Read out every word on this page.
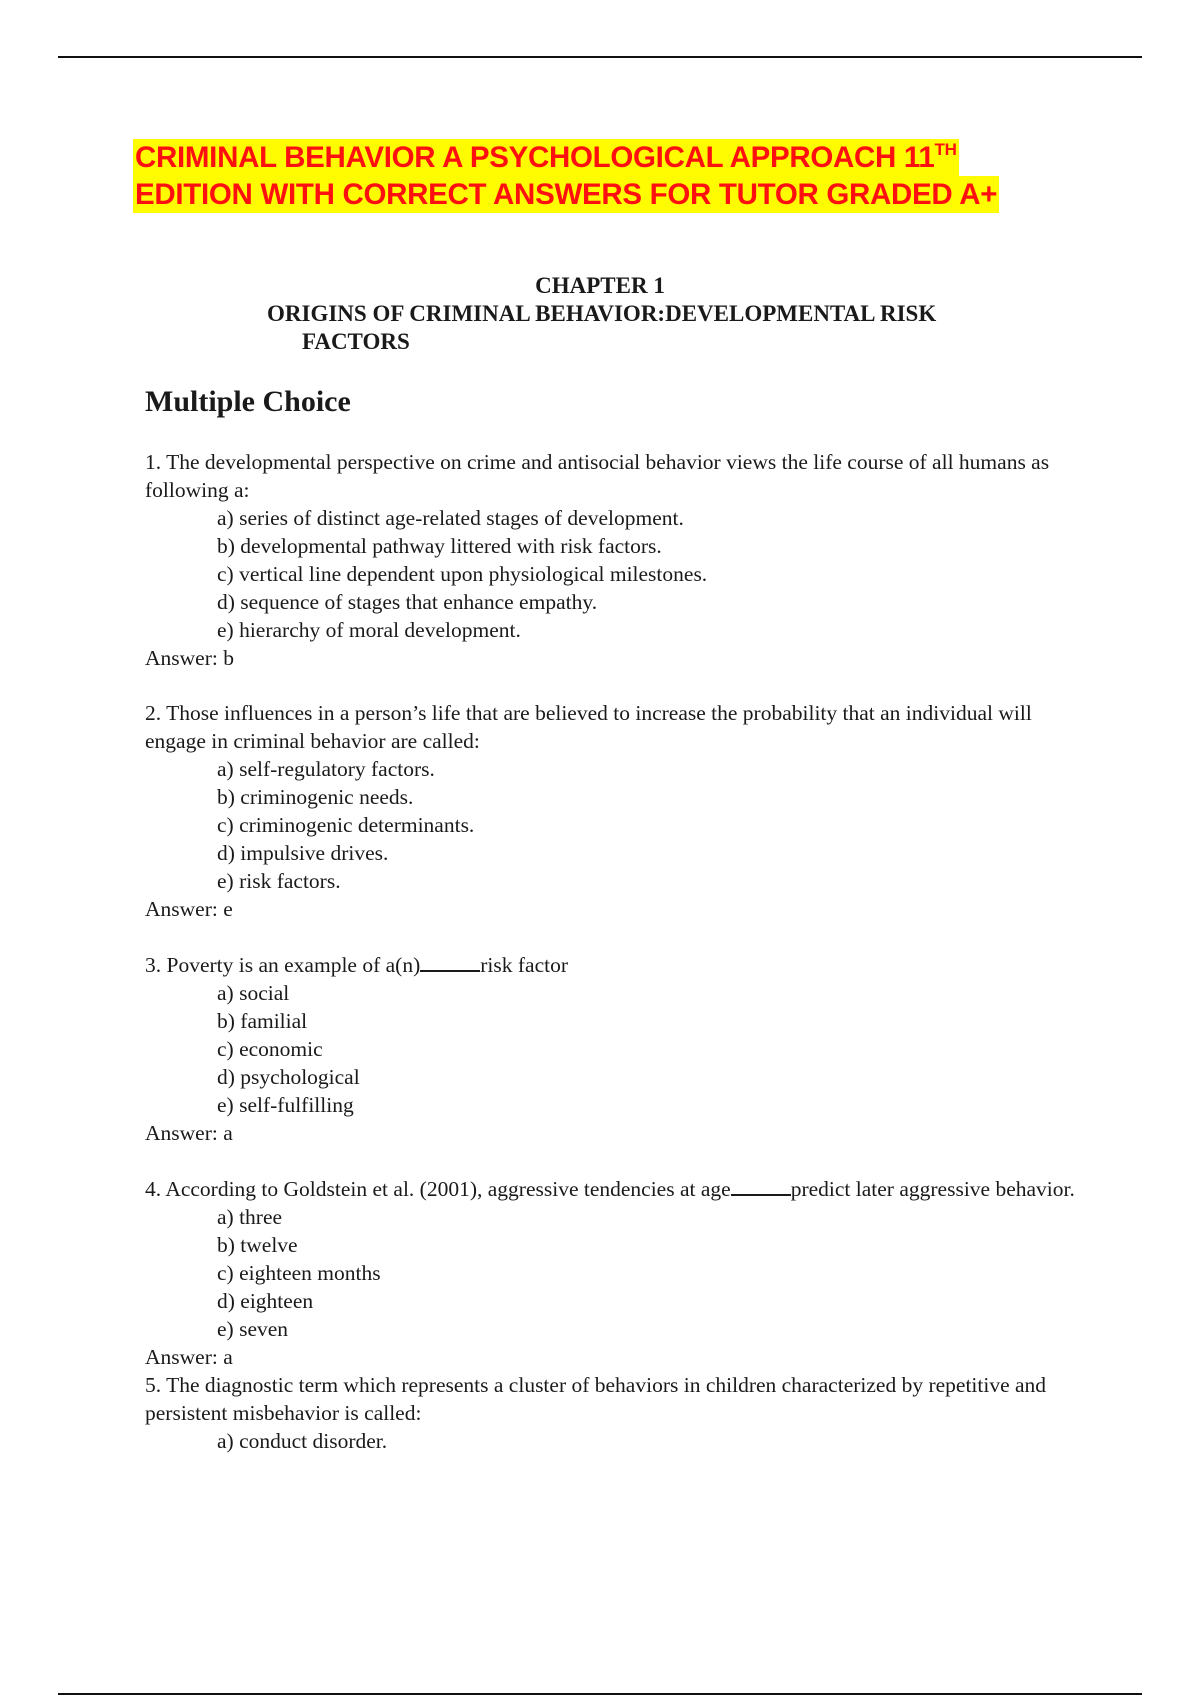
CRIMINAL BEHAVIOR A PSYCHOLOGICAL APPROACH 11TH
EDITION WITH CORRECT ANSWERS FOR TUTOR GRADED A+

CHAPTER 1

ORIGINS OF CRIMINAL BEHAVIOR:DEVELOPMENTAL RISK
FACTORS

Multiple Choice

1. The developmental perspective on crime and antisocial behavior views the life course of all humans as following a:

a) series of distinct age-related stages of development.
b) developmental pathway littered with risk factors.
c) vertical line dependent upon physiological milestones.
d) sequence of stages that enhance empathy.
e) hierarchy of moral development.

Answer: b

2. Those influences in a person’s life that are believed to increase the probability that an individual will engage in criminal behavior are called:

a) self-regulatory factors.
b) criminogenic needs.
c) criminogenic determinants.
d) impulsive drives.
e) risk factors.

Answer: e

3. Poverty is an example of a(n)	risk factor

a) social
b) familial
c) economic
d) psychological
e) self-fulfilling

Answer: a

4. According to Goldstein et al. (2001), aggressive tendencies at age	predict later aggressive behavior.

a) three
b) twelve
c) eighteen months
d) eighteen
e) seven

Answer: a

5. The diagnostic term which represents a cluster of behaviors in children characterized by repetitive and persistent misbehavior is called:

a) conduct disorder.
